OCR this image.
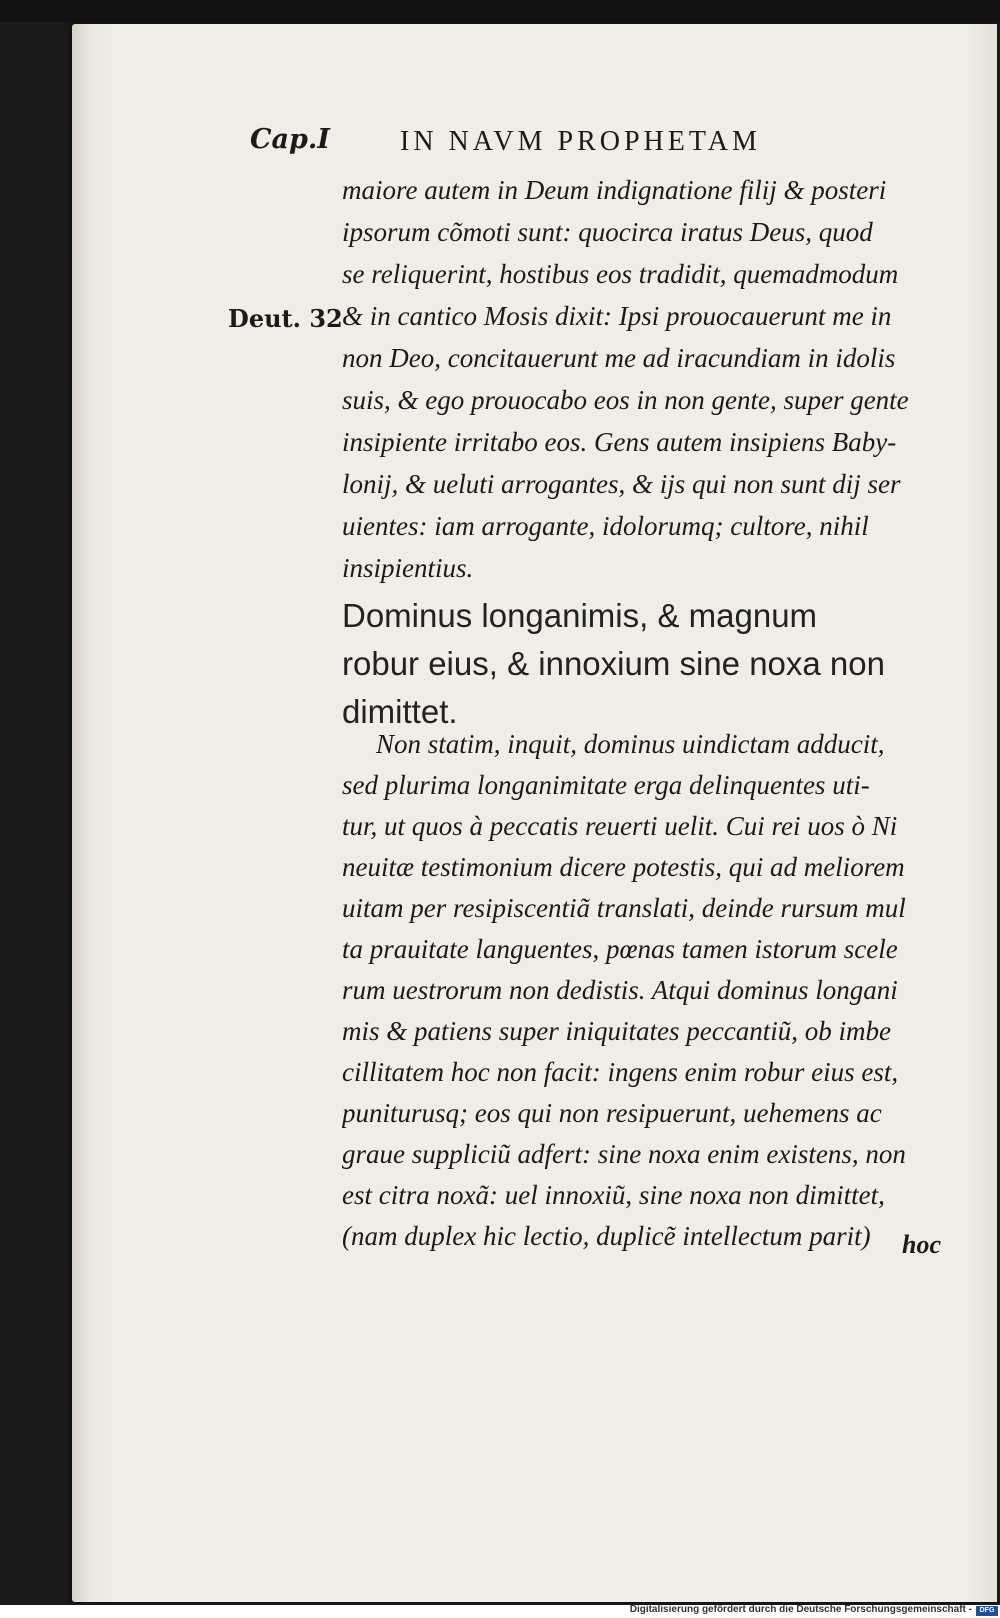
Cap.I	IN NAVM PROPHETAM
Deut. 32
maiore autem in Deum indignatione filij & posteri
ipsorum cõmoti sunt: quocirca iratus Deus, quod
se reliquerint, hostibus eos tradidit, quemadmodum
& in cantico Mosis dixit: Ipsi prouocauerunt me in
non Deo, concitauerunt me ad iracundiam in idolis
suis, & ego prouocabo eos in non gente, super gente
insipiente irritabo eos. Gens autem insipiens Baby-
lonij, & ueluti arrogantes, & ijs qui non sunt dij ser
uientes: iam arrogante, idolorumq; cultore, nihil
insipientius.
Dominus longanimis, & magnum
robur eius, & innoxium sine noxa non
dimittet.
Non statim, inquit, dominus uindictam adducit,
sed plurima longanimitate erga delinquentes uti-
tur, ut quos à peccatis reuerti uelit. Cui rei uos ò Ni
neuitæ testimonium dicere potestis, qui ad meliorem
uitam per resipiscentiã translati, deinde rursum mul
ta prauitate languentes, pœnas tamen istorum scele
rum uestrorum non dedistis. Atqui dominus longani
mis & patiens super iniquitates peccantiũ, ob imbe
cillitatem hoc non facit: ingens enim robur eius est,
puniturusq; eos qui non resipuerunt, uehemens ac
graue suppliciũ adfert: sine noxa enim existens, non
est citra noxã: uel innoxiũ, sine noxa non dimittet,
(nam duplex hic lectio, duplicẽ intellectum parit)	hoc
Digitalisierung gefördert durch die Deutsche Forschungsgemeinschaft -	DFG
